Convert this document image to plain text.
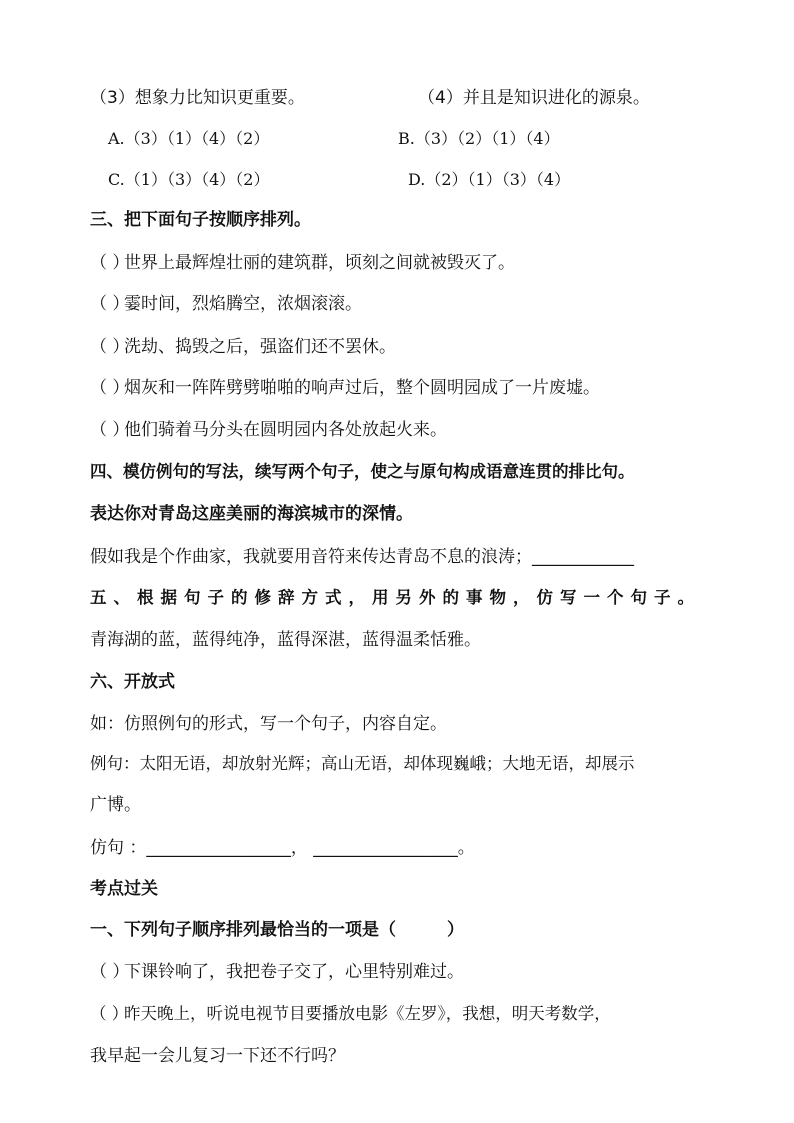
（3）想象力比知识更重要。	（4）并且是知识进化的源泉。
A.（3）（1）（4）（2）	B.（3）（2）（1）（4）
C.（1）（3）（4）（2）	D.（2）（1）（3）（4）
三、把下面句子按顺序排列。
（ ）世界上最辉煌壮丽的建筑群，顷刻之间就被毁灭了。
（ ）霎时间，烈焰腾空，浓烟滚滚。
（ ）洗劫、捣毁之后，强盗们还不罢休。
（ ）烟灰和一阵阵劈劈啪啪的响声过后，整个圆明园成了一片废墟。
（ ）他们骑着马分头在圆明园内各处放起火来。
四、模仿例句的写法，续写两个句子，使之与原句构成语意连贯的排比句。
表达你对青岛这座美丽的海滨城市的深情。
假如我是个作曲家，我就要用音符来传达青岛不息的浪涛；____________
五、根据句子的修辞方式，用另外的事物，仿写一个句子。
青海湖的蓝，蓝得纯净，蓝得深湛，蓝得温柔恬雅。
六、开放式
如：仿照例句的形式，写一个句子，内容自定。
例句：太阳无语，却放射光辉；高山无语，却体现巍峨；大地无语，却展示
广博。
仿句 ：_________________， _________________。
考点过关
一、下列句子顺序排列最恰当的一项是（　　　）
（ ）下课铃响了，我把卷子交了，心里特别难过。
（ ）昨天晚上，听说电视节目要播放电影《左罗》，我想，明天考数学，
我早起一会儿复习一下还不行吗？
